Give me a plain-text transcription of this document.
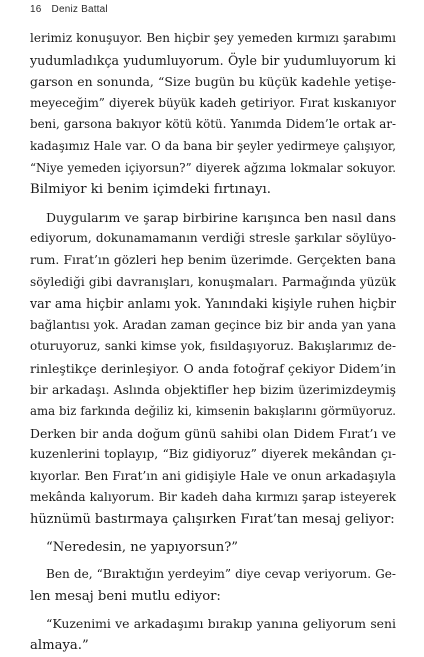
16 Deniz Battal

lerimiz konuşuyor. Ben hiçbir şey yemeden kırmızı şarabımı
yudumladıkça yudumluyorum. Öyle bir yudumluyorum ki
garson en sonunda, “Size bugün bu küçük kadehle yetişe-
meyeceğim” diyerek büyük kadeh getiriyor. Fırat kıskanıyor
beni, garsona bakıyor kötü kötü. Yanımda Didem’le ortak ar-
kadaşımız Hale var. O da bana bir şeyler yedirmeye çalışıyor,
“Niye yemeden içiyorsun?” diyerek ağzıma lokmalar sokuyor.
Bilmiyor ki benim içimdeki fırtınayı.

Duygularım ve şarap birbirine karışınca ben nasıl dans
ediyorum, dokunamamanın verdiği stresle şarkılar söylüyo-
rum. Fırat’ın gözleri hep benim üzerimde. Gerçekten bana
söylediği gibi davranışları, konuşmaları. Parmağında yüzük
var ama hiçbir anlamı yok. Yanındaki kişiyle ruhen hiçbir
bağlantısı yok. Aradan zaman geçince biz bir anda yan yana
oturuyoruz, sanki kimse yok, fısıldaşıyoruz. Bakışlarımız de-
rinleştikçe derinleşiyor. O anda fotoğraf çekiyor Didem’in
bir arkadaşı. Aslında objektifler hep bizim üzerimizdeymiş
ama biz farkında değiliz ki, kimsenin bakışlarını görmüyoruz.
Derken bir anda doğum günü sahibi olan Didem Fırat’ı ve
kuzenlerini toplayıp, “Biz gidiyoruz” diyerek mekândan çı-
kıyorlar. Ben Fırat’ın ani gidişiyle Hale ve onun arkadaşıyla
mekânda kalıyorum. Bir kadeh daha kırmızı şarap isteyerek
hüznümü bastırmaya çalışırken Fırat’tan mesaj geliyor:

“Neredesin, ne yapıyorsun?”

Ben de, “Bıraktığın yerdeyim” diye cevap veriyorum. Ge-
len mesaj beni mutlu ediyor:

“Kuzenimi ve arkadaşımı bırakıp yanına geliyorum seni
almaya.”
